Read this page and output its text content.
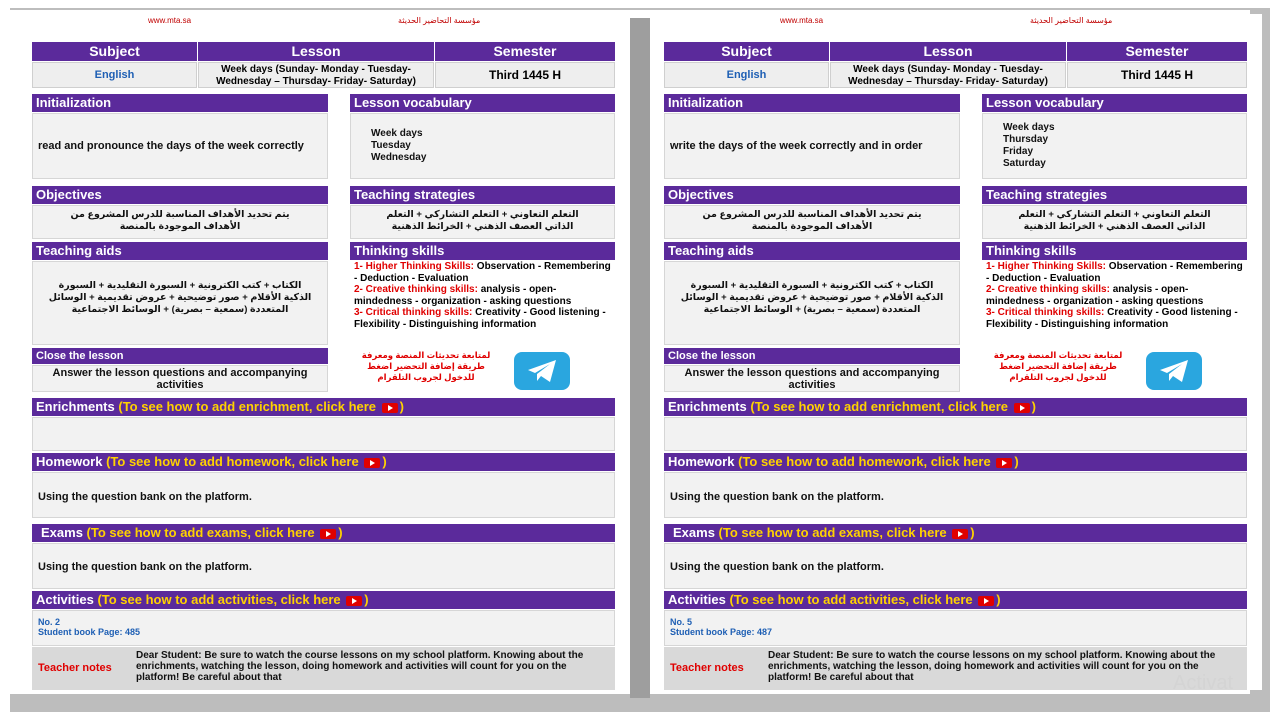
www.mta.sa	مؤسسة التحاضير الحديثة
Subject	Lesson	Semester
English	Week days (Sunday- Monday - Tuesday-
Wednesday – Thursday- Friday- Saturday)	Third 1445 H
Initialization
read and pronounce the days of the week correctly
Lesson vocabulary
Week days
Tuesday
Wednesday
Objectives
يتم تحديد الأهداف المناسبة للدرس المشروع من الأهداف الموجودة بالمنصة
Teaching strategies
التعلم التعاوني + التعلم التشاركي + التعلم الذاتي العصف الذهني + الخرائط الذهنية
Teaching aids
الكتاب + كتب الكترونية + السبورة التقليدية + السبورة الذكية الأقلام + صور توضيحية + عروض تقديمية + الوسائل المتعددة (سمعية – بصرية) + الوسائط الاجتماعية
Thinking skills
1- Higher Thinking Skills: Observation - Remembering - Deduction - Evaluation
2- Creative thinking skills: analysis - open-mindedness - organization - asking questions
3- Critical thinking skills: Creativity - Good listening - Flexibility - Distinguishing information
Close the lesson
Answer the lesson questions and accompanying activities
لمتابعة تحديثات المنصة ومعرفة طريقة إضافة التحضير اضغط للدخول لجروب التلقرام
Enrichments (To see how to add enrichment, click here )
Homework (To see how to add homework, click here )
Using the question bank on the platform.
Exams (To see how to add exams, click here )
Using the question bank on the platform.
Activities (To see how to add activities, click here )
No. 2
Student book Page: 485
Teacher notes
Dear Student: Be sure to watch the course lessons on my school platform. Knowing about the enrichments, watching the lesson, doing homework and activities will count for you on the platform! Be careful about that
www.mta.sa	مؤسسة التحاضير الحديثة
Subject	Lesson	Semester
English	Week days (Sunday- Monday - Tuesday-
Wednesday – Thursday- Friday- Saturday)	Third 1445 H
Initialization
write the days of the week correctly and in order
Lesson vocabulary
Week days
Thursday
Friday
Saturday
Objectives
يتم تحديد الأهداف المناسبة للدرس المشروع من الأهداف الموجودة بالمنصة
Teaching strategies
التعلم التعاوني + التعلم التشاركي + التعلم الذاتي العصف الذهني + الخرائط الذهنية
Teaching aids
الكتاب + كتب الكترونية + السبورة التقليدية + السبورة الذكية الأقلام + صور توضيحية + عروض تقديمية + الوسائل المتعددة (سمعية – بصرية) + الوسائط الاجتماعية
Thinking skills
1- Higher Thinking Skills: Observation - Remembering - Deduction - Evaluation
2- Creative thinking skills: analysis - open-mindedness - organization - asking questions
3- Critical thinking skills: Creativity - Good listening - Flexibility - Distinguishing information
Close the lesson
Answer the lesson questions and accompanying activities
لمتابعة تحديثات المنصة ومعرفة طريقة إضافة التحضير اضغط للدخول لجروب التلقرام
Enrichments (To see how to add enrichment, click here )
Homework (To see how to add homework, click here )
Using the question bank on the platform.
Exams (To see how to add exams, click here )
Using the question bank on the platform.
Activities (To see how to add activities, click here )
No. 5
Student book Page: 487
Teacher notes
Dear Student: Be sure to watch the course lessons on my school platform. Knowing about the enrichments, watching the lesson, doing homework and activities will count for you on the platform! Be careful about that	Activat
